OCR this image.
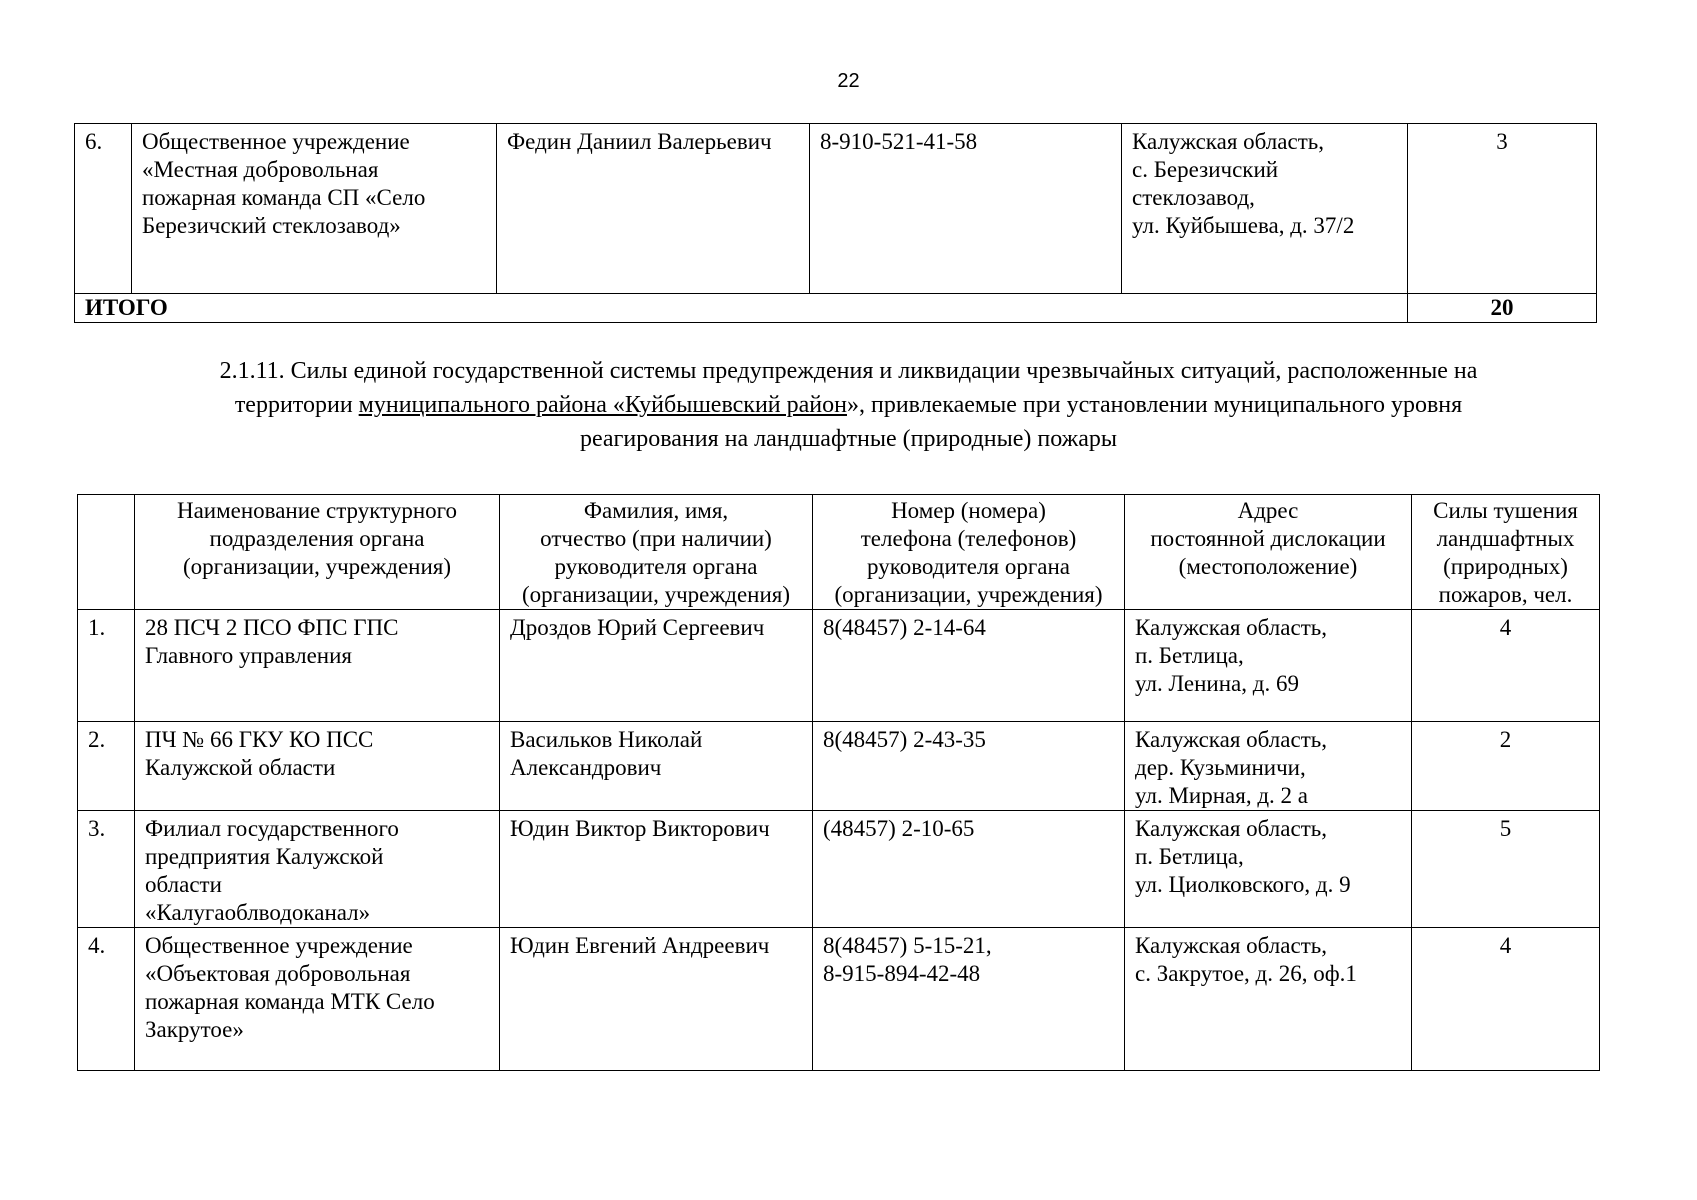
22
6.	Общественное учреждение
«Местная добровольная
пожарная команда СП «Село
Березичский стеклозавод»	Федин Даниил Валерьевич	8-910-521-41-58	Калужская область,
с. Березичский
стеклозавод,
ул. Куйбышева, д. 37/2	3
ИТОГО					20
2.1.11. Силы единой государственной системы предупреждения и ликвидации чрезвычайных ситуаций, расположенные на
территории муниципального района «Куйбышевский район», привлекаемые при установлении муниципального уровня
реагирования на ландшафтные (природные) пожары

	Наименование структурного
подразделения органа
(организации, учреждения)	Фамилия, имя,
отчество (при наличии)
руководителя органа
(организации, учреждения)	Номер (номера)
телефона (телефонов)
руководителя органа
(организации, учреждения)	Адрес
постоянной дислокации
(местоположение)	Силы тушения
ландшафтных
(природных)
пожаров, чел.

1.	28 ПСЧ 2 ПСО ФПС ГПС
Главного управления	Дроздов Юрий Сергеевич	8(48457) 2-14-64	Калужская область,
п. Бетлица,
ул. Ленина, д. 69	4
2.	ПЧ № 66 ГКУ КО ПСС
Калужской области	Васильков Николай
Александрович	8(48457) 2-43-35	Калужская область,
дер. Кузьминичи,
ул. Мирная, д. 2 а	2
3.	Филиал государственного
предприятия Калужской
области
«Калугаоблводоканал»	Юдин Виктор Викторович	(48457) 2-10-65	Калужская область,
п. Бетлица,
ул. Циолковского, д. 9	5
4.	Общественное учреждение
«Объектовая добровольная
пожарная команда МТК Село
Закрутое»	Юдин Евгений Андреевич	8(48457) 5-15-21,
8-915-894-42-48	Калужская область,
с. Закрутое, д. 26, оф.1	4
